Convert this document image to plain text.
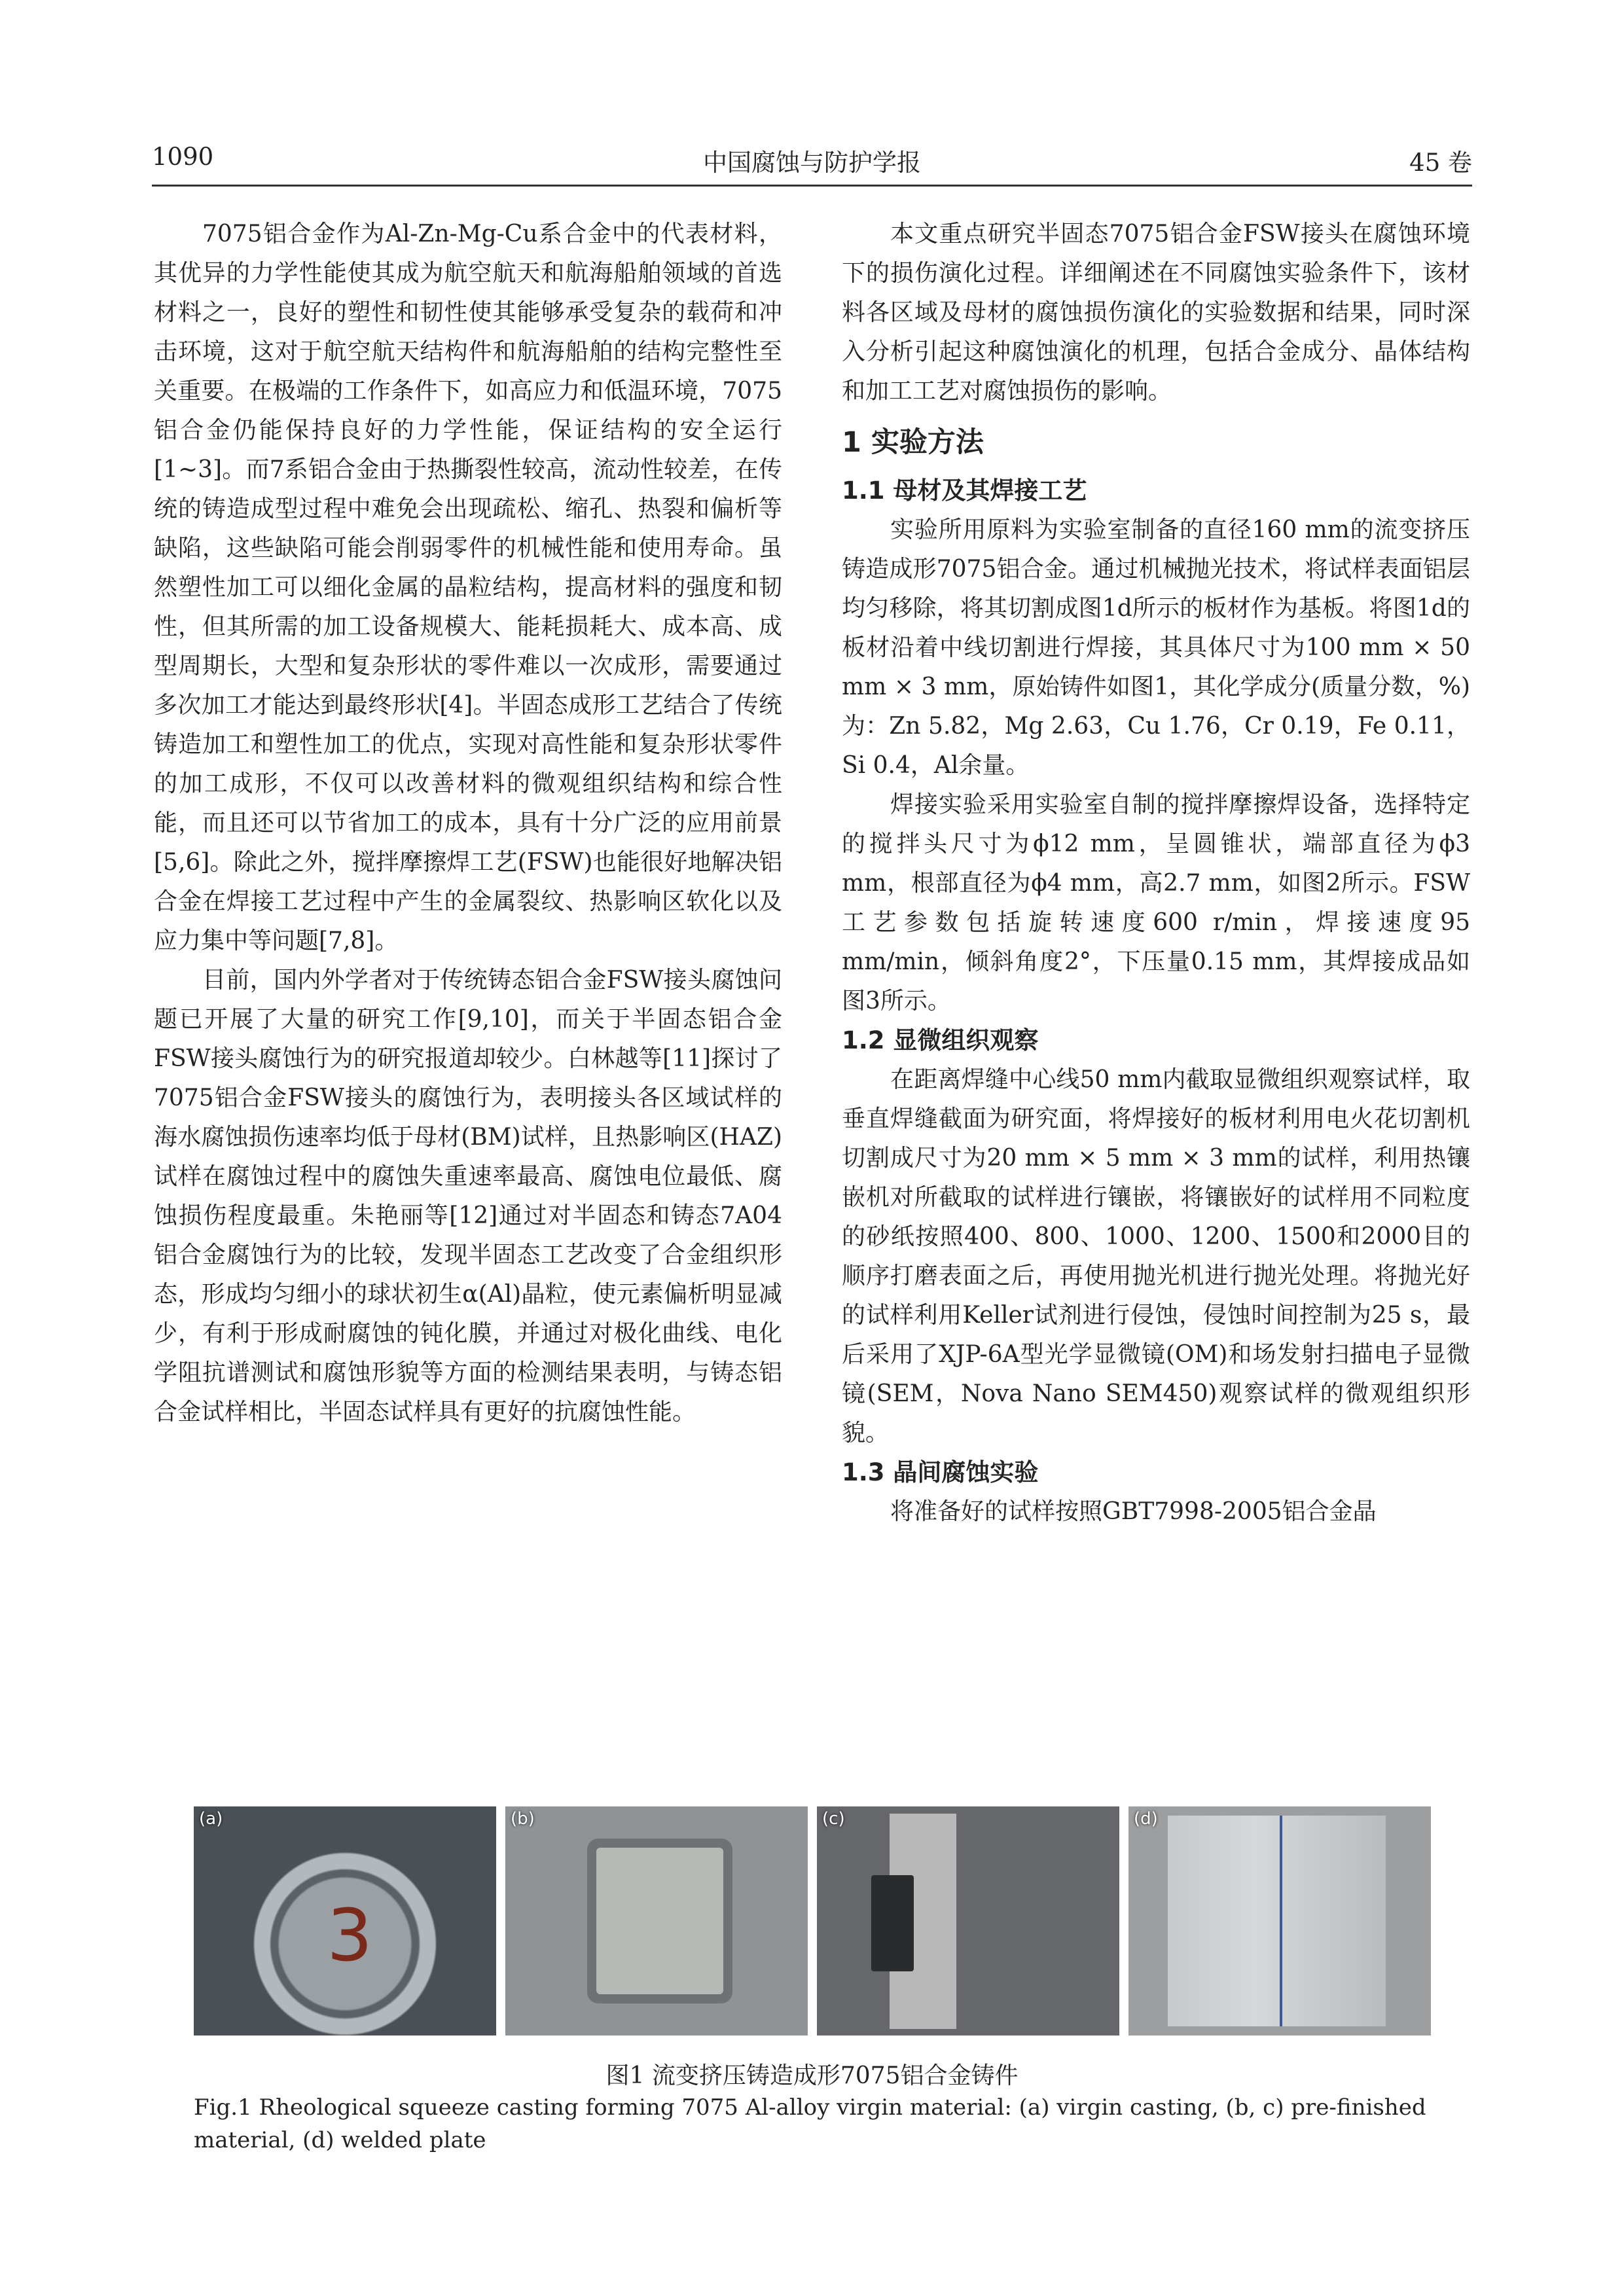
1090	中国腐蚀与防护学报	45 卷

7075铝合金作为Al-Zn-Mg-Cu系合金中的代表材料，其优异的力学性能使其成为航空航天和航海船舶领域的首选材料之一，良好的塑性和韧性使其能够承受复杂的载荷和冲击环境，这对于航空航天结构件和航海船舶的结构完整性至关重要。在极端的工作条件下，如高应力和低温环境，7075铝合金仍能保持良好的力学性能，保证结构的安全运行[1~3]。而7系铝合金由于热撕裂性较高，流动性较差，在传统的铸造成型过程中难免会出现疏松、缩孔、热裂和偏析等缺陷，这些缺陷可能会削弱零件的机械性能和使用寿命。虽然塑性加工可以细化金属的晶粒结构，提高材料的强度和韧性，但其所需的加工设备规模大、能耗损耗大、成本高、成型周期长，大型和复杂形状的零件难以一次成形，需要通过多次加工才能达到最终形状[4]。半固态成形工艺结合了传统铸造加工和塑性加工的优点，实现对高性能和复杂形状零件的加工成形，不仅可以改善材料的微观组织结构和综合性能，而且还可以节省加工的成本，具有十分广泛的应用前景[5,6]。除此之外，搅拌摩擦焊工艺(FSW)也能很好地解决铝合金在焊接工艺过程中产生的金属裂纹、热影响区软化以及应力集中等问题[7,8]。

目前，国内外学者对于传统铸态铝合金FSW接头腐蚀问题已开展了大量的研究工作[9,10]，而关于半固态铝合金FSW接头腐蚀行为的研究报道却较少。白林越等[11]探讨了7075铝合金FSW接头的腐蚀行为，表明接头各区域试样的海水腐蚀损伤速率均低于母材(BM)试样，且热影响区(HAZ)试样在腐蚀过程中的腐蚀失重速率最高、腐蚀电位最低、腐蚀损伤程度最重。朱艳丽等[12]通过对半固态和铸态7A04铝合金腐蚀行为的比较，发现半固态工艺改变了合金组织形态，形成均匀细小的球状初生α(Al)晶粒，使元素偏析明显减少，有利于形成耐腐蚀的钝化膜，并通过对极化曲线、电化学阻抗谱测试和腐蚀形貌等方面的检测结果表明，与铸态铝合金试样相比，半固态试样具有更好的抗腐蚀性能。

本文重点研究半固态7075铝合金FSW接头在腐蚀环境下的损伤演化过程。详细阐述在不同腐蚀实验条件下，该材料各区域及母材的腐蚀损伤演化的实验数据和结果，同时深入分析引起这种腐蚀演化的机理，包括合金成分、晶体结构和加工工艺对腐蚀损伤的影响。

1 实验方法
1.1 母材及其焊接工艺

实验所用原料为实验室制备的直径160 mm的流变挤压铸造成形7075铝合金。通过机械抛光技术，将试样表面铝层均匀移除，将其切割成图1d所示的板材作为基板。将图1d的板材沿着中线切割进行焊接，其具体尺寸为100 mm × 50 mm × 3 mm，原始铸件如图1，其化学成分(质量分数，%)为：Zn 5.82，Mg 2.63，Cu 1.76，Cr 0.19，Fe 0.11，Si 0.4，Al余量。

焊接实验采用实验室自制的搅拌摩擦焊设备，选择特定的搅拌头尺寸为ϕ12 mm，呈圆锥状，端部直径为ϕ3 mm，根部直径为ϕ4 mm，高2.7 mm，如图2所示。FSW工艺参数包括旋转速度600 r/min，焊接速度95 mm/min，倾斜角度2°，下压量0.15 mm，其焊接成品如图3所示。

1.2 显微组织观察

在距离焊缝中心线50 mm内截取显微组织观察试样，取垂直焊缝截面为研究面，将焊接好的板材利用电火花切割机切割成尺寸为20 mm × 5 mm × 3 mm的试样，利用热镶嵌机对所截取的试样进行镶嵌，将镶嵌好的试样用不同粒度的砂纸按照400、800、1000、1200、1500和2000目的顺序打磨表面之后，再使用抛光机进行抛光处理。将抛光好的试样利用Keller试剂进行侵蚀，侵蚀时间控制为25 s，最后采用了XJP-6A型光学显微镜(OM)和场发射扫描电子显微镜(SEM，Nova Nano SEM450)观察试样的微观组织形貌。

1.3 晶间腐蚀实验

将准备好的试样按照GBT7998-2005铝合金晶

(a)
3
(b)	(c)	(d)
图1 流变挤压铸造成形7075铝合金铸件
Fig.1 Rheological squeeze casting forming 7075 Al-alloy virgin material: (a) virgin casting, (b, c) pre-finished material, (d) welded plate
